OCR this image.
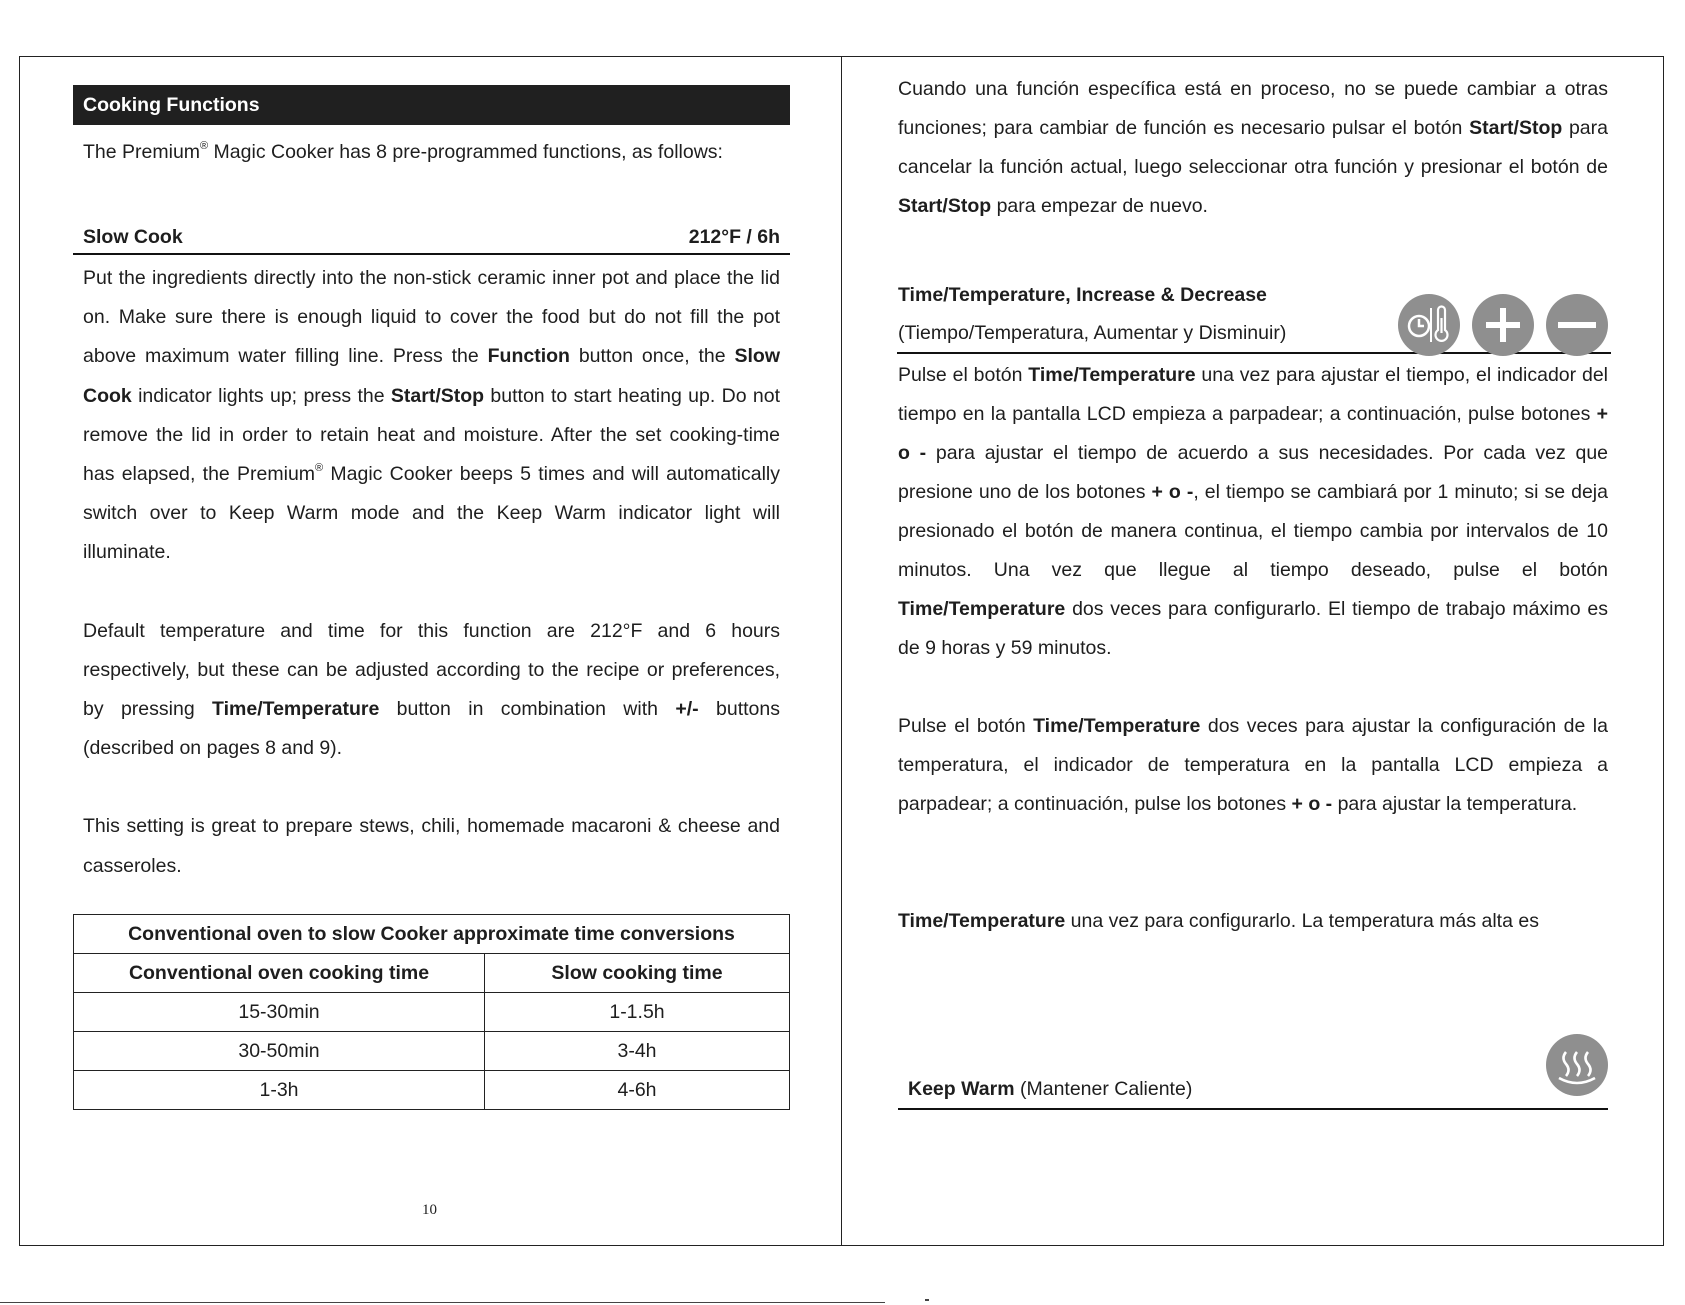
Cooking Functions
The Premium® Magic Cooker has 8 pre-programmed functions, as follows:
Slow Cook	212°F / 6h

Put the ingredients directly into the non-stick ceramic inner pot and place the lid on. Make sure there is enough liquid to cover the food but do not fill the pot above maximum water filling line. Press the Function button once, the Slow Cook indicator lights up; press the Start/Stop button to start heating up. Do not remove the lid in order to retain heat and moisture. After the set cooking-time has elapsed, the Premium® Magic Cooker beeps 5 times and will automatically switch over to Keep Warm mode and the Keep Warm indicator light will illuminate.

Default temperature and time for this function are 212°F and 6 hours respectively, but these can be adjusted according to the recipe or preferences, by pressing Time/Temperature button in combination with +/- buttons (described on pages 8 and 9).

This setting is great to prepare stews, chili, homemade macaroni & cheese and casseroles.

Conventional oven to slow Cooker approximate time conversions	
Conventional oven cooking time	Slow cooking time
15-30min	1-1.5h
30-50min	3-4h
1-3h	4-6h
10

Cuando una función específica está en proceso, no se puede cambiar a otras funciones; para cambiar de función es necesario pulsar el botón Start/Stop para cancelar la función actual, luego seleccionar otra función y presionar el botón de Start/Stop para empezar de nuevo.

Time/Temperature, Increase & Decrease
(Tiempo/Temperatura, Aumentar y Disminuir)

Pulse el botón Time/Temperature una vez para ajustar el tiempo, el indicador del tiempo en la pantalla LCD empieza a parpadear; a continuación, pulse botones + o - para ajustar el tiempo de acuerdo a sus necesidades. Por cada vez que presione uno de los botones + o -, el tiempo se cambiará por 1 minuto; si se deja presionado el botón de manera continua, el tiempo cambia por intervalos de 10 minutos. Una vez que llegue al tiempo deseado, pulse el botón Time/Temperature dos veces para configurarlo. El tiempo de trabajo máximo es de 9 horas y 59 minutos.

Pulse el botón Time/Temperature dos veces para ajustar la configuración de la temperatura, el indicador de temperatura en la pantalla LCD empieza a parpadear; a continuación, pulse los botones + o - para ajustar la temperatura.

Time/Temperature una vez para configurarlo. La temperatura más alta es

Keep Warm (Mantener Caliente)
